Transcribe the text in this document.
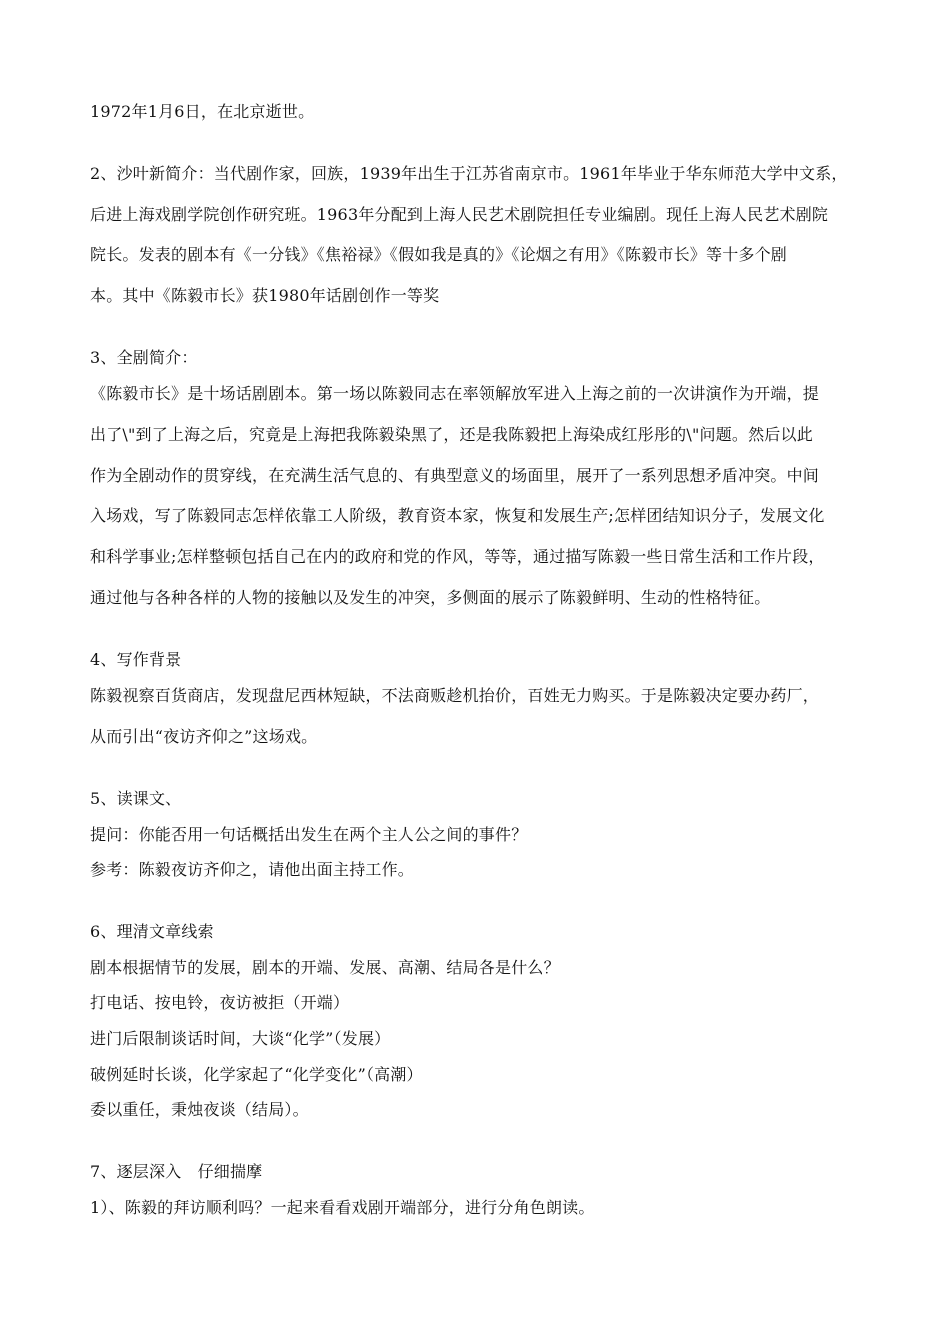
1972年1月6日，在北京逝世。
2、沙叶新简介：当代剧作家，回族，1939年出生于江苏省南京市。1961年毕业于华东师范大学中文系，
后进上海戏剧学院创作研究班。1963年分配到上海人民艺术剧院担任专业编剧。现任上海人民艺术剧院
院长。发表的剧本有《一分钱》《焦裕禄》《假如我是真的》《论烟之有用》《陈毅市长》等十多个剧
本。其中《陈毅市长》获1980年话剧创作一等奖
3、全剧简介：
《陈毅市长》是十场话剧剧本。第一场以陈毅同志在率领解放军进入上海之前的一次讲演作为开端，提
出了\"到了上海之后，究竟是上海把我陈毅染黑了，还是我陈毅把上海染成红彤彤的\"问题。然后以此
作为全剧动作的贯穿线，在充满生活气息的、有典型意义的场面里，展开了一系列思想矛盾冲突。中间
入场戏，写了陈毅同志怎样依靠工人阶级，教育资本家，恢复和发展生产;怎样团结知识分子，发展文化
和科学事业;怎样整顿包括自己在内的政府和党的作风，等等，通过描写陈毅一些日常生活和工作片段，
通过他与各种各样的人物的接触以及发生的冲突，多侧面的展示了陈毅鲜明、生动的性格特征。
4、写作背景
陈毅视察百货商店，发现盘尼西林短缺，不法商贩趁机抬价，百姓无力购买。于是陈毅决定要办药厂，
从而引出“夜访齐仰之”这场戏。
5、读课文、
提问：你能否用一句话概括出发生在两个主人公之间的事件？
参考：陈毅夜访齐仰之，请他出面主持工作。
6、理清文章线索
剧本根据情节的发展，剧本的开端、发展、高潮、结局各是什么？
打电话、按电铃，夜访被拒（开端）
进门后限制谈话时间，大谈“化学”（发展）
破例延时长谈，化学家起了“化学变化”（高潮）
委以重任，秉烛夜谈（结局）。
7、逐层深入　仔细揣摩
1）、陈毅的拜访顺利吗？一起来看看戏剧开端部分，进行分角色朗读。
